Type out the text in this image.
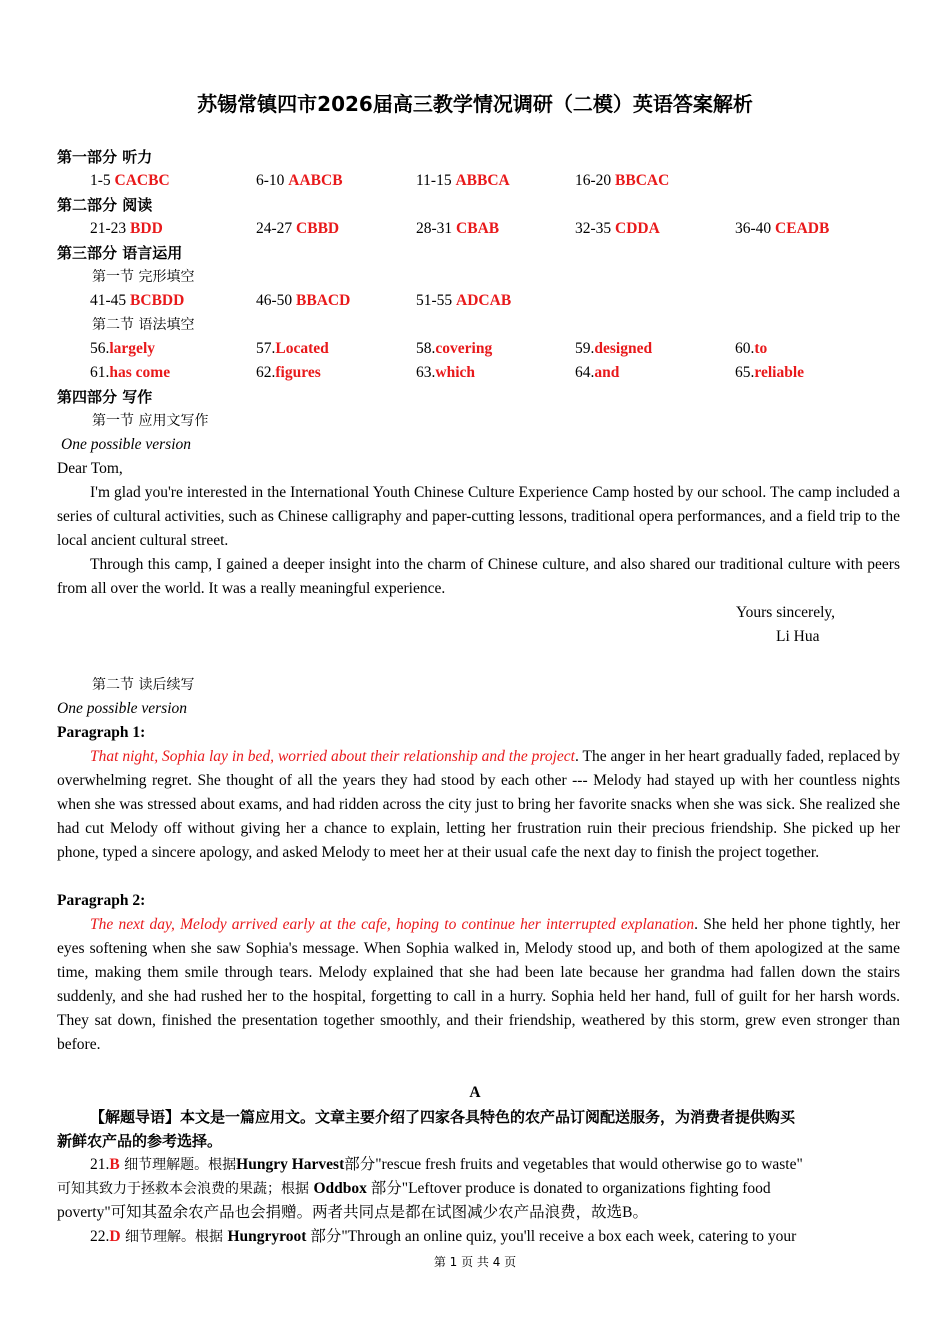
苏锡常镇四市2026届高三教学情况调研（二模）英语答案解析
第一部分 听力
1-5 CACBC	6-10 AABCB	11-15 ABBCA	16-20 BBCAC
第二部分 阅读
21-23 BDD	24-27 CBBD	28-31 CBAB	32-35 CDDA	36-40 CEADB
第三部分 语言运用
第一节 完形填空
41-45 BCBDD	46-50 BBACD	51-55 ADCAB
第二节 语法填空
56.largely	57.Located	58.covering	59.designed	60.to
61.has come	62.figures	63.which	64.and	65.reliable
第四部分 写作
第一节 应用文写作
One possible version
Dear Tom,
I'm glad you're interested in the International Youth Chinese Culture Experience Camp hosted by our school. The camp included a series of cultural activities, such as Chinese calligraphy and paper-cutting lessons, traditional opera performances, and a field trip to the local ancient cultural street.
Through this camp, I gained a deeper insight into the charm of Chinese culture, and also shared our traditional culture with peers from all over the world. It was a really meaningful experience.
Yours sincerely,
Li Hua
第二节 读后续写
One possible version
Paragraph 1:
That night, Sophia lay in bed, worried about their relationship and the project. The anger in her heart gradually faded, replaced by overwhelming regret. She thought of all the years they had stood by each other --- Melody had stayed up with her countless nights when she was stressed about exams, and had ridden across the city just to bring her favorite snacks when she was sick. She realized she had cut Melody off without giving her a chance to explain, letting her frustration ruin their precious friendship. She picked up her phone, typed a sincere apology, and asked Melody to meet her at their usual cafe the next day to finish the project together.
Paragraph 2:
The next day, Melody arrived early at the cafe, hoping to continue her interrupted explanation. She held her phone tightly, her eyes softening when she saw Sophia's message. When Sophia walked in, Melody stood up, and both of them apologized at the same time, making them smile through tears. Melody explained that she had been late because her grandma had fallen down the stairs suddenly, and she had rushed her to the hospital, forgetting to call in a hurry. Sophia held her hand, full of guilt for her harsh words. They sat down, finished the presentation together smoothly, and their friendship, weathered by this storm, grew even stronger than before.
A
【解题导语】本文是一篇应用文。文章主要介绍了四家各具特色的农产品订阅配送服务，为消费者提供购买
新鲜农产品的参考选择。
21.B 细节理解题。根据Hungry Harvest部分"rescue fresh fruits and vegetables that would otherwise go to waste"
可知其致力于拯救本会浪费的果蔬；根据 Oddbox 部分"Leftover produce is donated to organizations fighting food
poverty"可知其盈余农产品也会捐赠。两者共同点是都在试图减少农产品浪费，故选B。
22.D 细节理解。根据 Hungryroot 部分"Through an online quiz, you'll receive a box each week, catering to your
第 1 页 共 4 页
